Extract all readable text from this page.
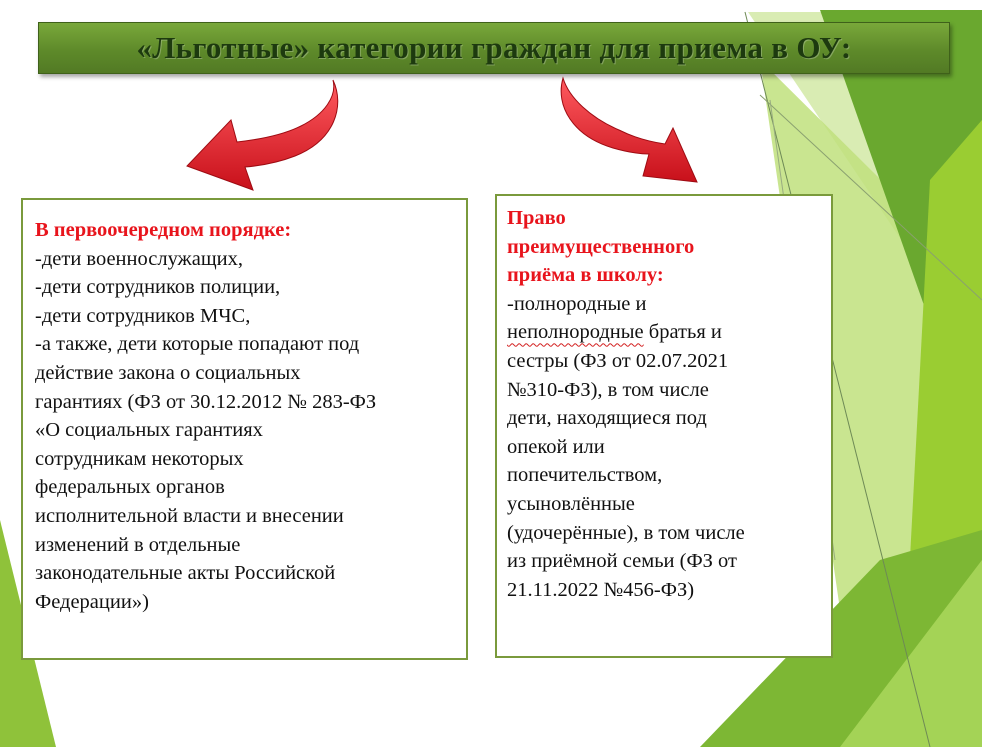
«Льготные» категории граждан для приема в ОУ:
В первоочередном порядке:
-дети военнослужащих,
-дети сотрудников полиции,
-дети сотрудников МЧС,
-а также, дети которые попадают под
действие закона о социальных
гарантиях (ФЗ от 30.12.2012 № 283-ФЗ
«О социальных гарантиях
сотрудникам некоторых
федеральных органов
исполнительной власти и внесении
изменений в отдельные
законодательные акты Российской
Федерации»)
Право
преимущественного
приёма в школу:
-полнородные и
неполнородные братья и
сестры (ФЗ от 02.07.2021
№310-ФЗ), в том числе
дети, находящиеся под
опекой или
попечительством,
усыновлённые
(удочерённые), в том числе
из приёмной семьи (ФЗ от
21.11.2022 №456-ФЗ)
